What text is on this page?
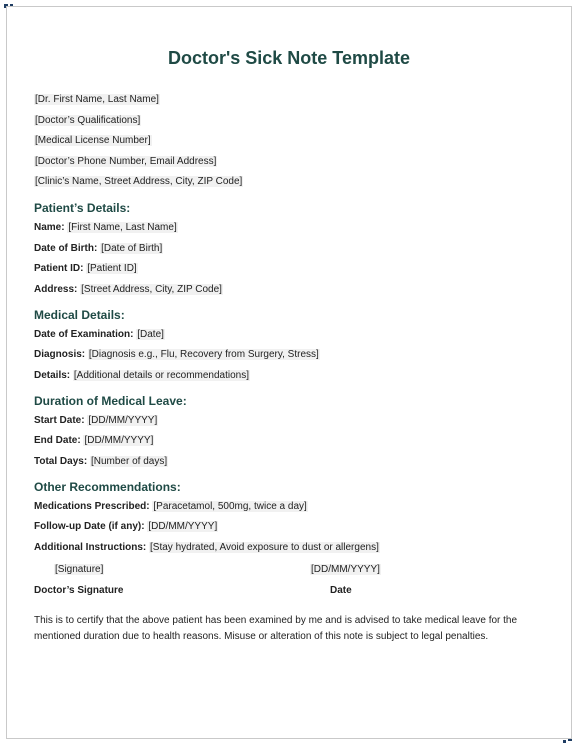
Doctor's Sick Note Template
[Dr. First Name, Last Name]
[Doctor’s Qualifications]
[Medical License Number]
[Doctor’s Phone Number, Email Address]
[Clinic’s Name, Street Address, City, ZIP Code]
Patient’s Details:
Name: [First Name, Last Name]
Date of Birth: [Date of Birth]
Patient ID: [Patient ID]
Address: [Street Address, City, ZIP Code]
Medical Details:
Date of Examination: [Date]
Diagnosis: [Diagnosis e.g., Flu, Recovery from Surgery, Stress]
Details: [Additional details or recommendations]
Duration of Medical Leave:
Start Date: [DD/MM/YYYY]
End Date: [DD/MM/YYYY]
Total Days: [Number of days]
Other Recommendations:
Medications Prescribed: [Paracetamol, 500mg, twice a day]
Follow-up Date (if any): [DD/MM/YYYY]
Additional Instructions: [Stay hydrated, Avoid exposure to dust or allergens]
[Signature]	[DD/MM/YYYY]
Doctor’s Signature	Date
This is to certify that the above patient has been examined by me and is advised to take medical leave for the mentioned duration due to health reasons. Misuse or alteration of this note is subject to legal penalties.
